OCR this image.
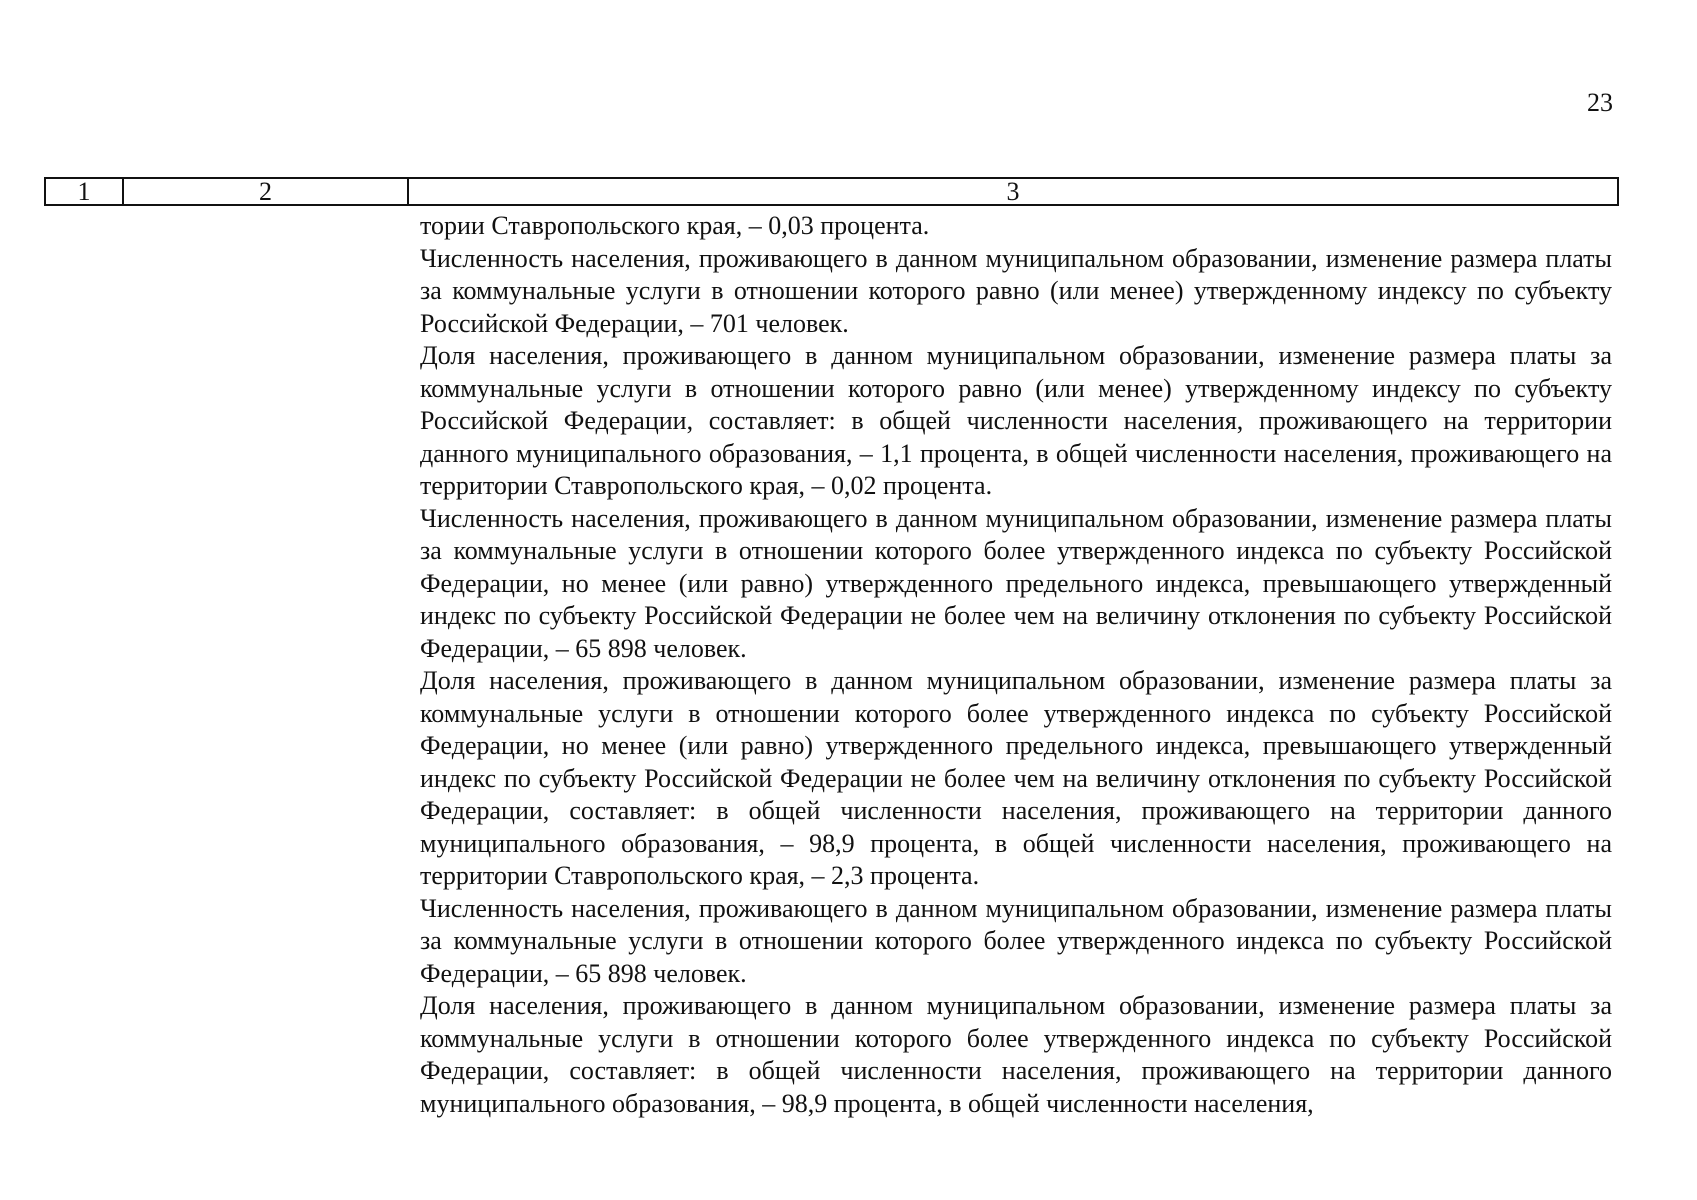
23
1	2	3

тории Ставропольского края, – 0,03 процента.

Численность населения, проживающего в данном муниципальном образовании, изменение размера платы за коммунальные услуги в отношении которого равно (или менее) утвержденному индексу по субъекту Российской Федерации, – 701 человек.

Доля населения, проживающего в данном муниципальном образовании, изменение размера платы за коммунальные услуги в отношении которого равно (или менее) утвержденному индексу по субъекту Российской Федерации, составляет: в общей численности населения, проживающего на территории данного муниципального образования, – 1,1 процента, в общей численности населения, проживающего на территории Ставропольского края, – 0,02 процента.

Численность населения, проживающего в данном муниципальном образовании, изменение размера платы за коммунальные услуги в отношении которого более утвержденного индекса по субъекту Российской Федерации, но менее (или равно) утвержденного предельного индекса, превышающего утвержденный индекс по субъекту Российской Федерации не более чем на величину отклонения по субъекту Российской Федерации, – 65 898 человек.

Доля населения, проживающего в данном муниципальном образовании, изменение размера платы за коммунальные услуги в отношении которого более утвержденного индекса по субъекту Российской Федерации, но менее (или равно) утвержденного предельного индекса, превышающего утвержденный индекс по субъекту Российской Федерации не более чем на величину отклонения по субъекту Российской Федерации, составляет: в общей численности населения, проживающего на территории данного муниципального образования, – 98,9 процента, в общей численности населения, проживающего на территории Ставропольского края, – 2,3 процента.

Численность населения, проживающего в данном муниципальном образовании, изменение размера платы за коммунальные услуги в отношении которого более утвержденного индекса по субъекту Российской Федерации, – 65 898 человек.

Доля населения, проживающего в данном муниципальном образовании, изменение размера платы за коммунальные услуги в отношении которого более утвержденного индекса по субъекту Российской Федерации, составляет: в общей численности населения, проживающего на территории данного муниципального образования, – 98,9 процента, в общей численности населения,
